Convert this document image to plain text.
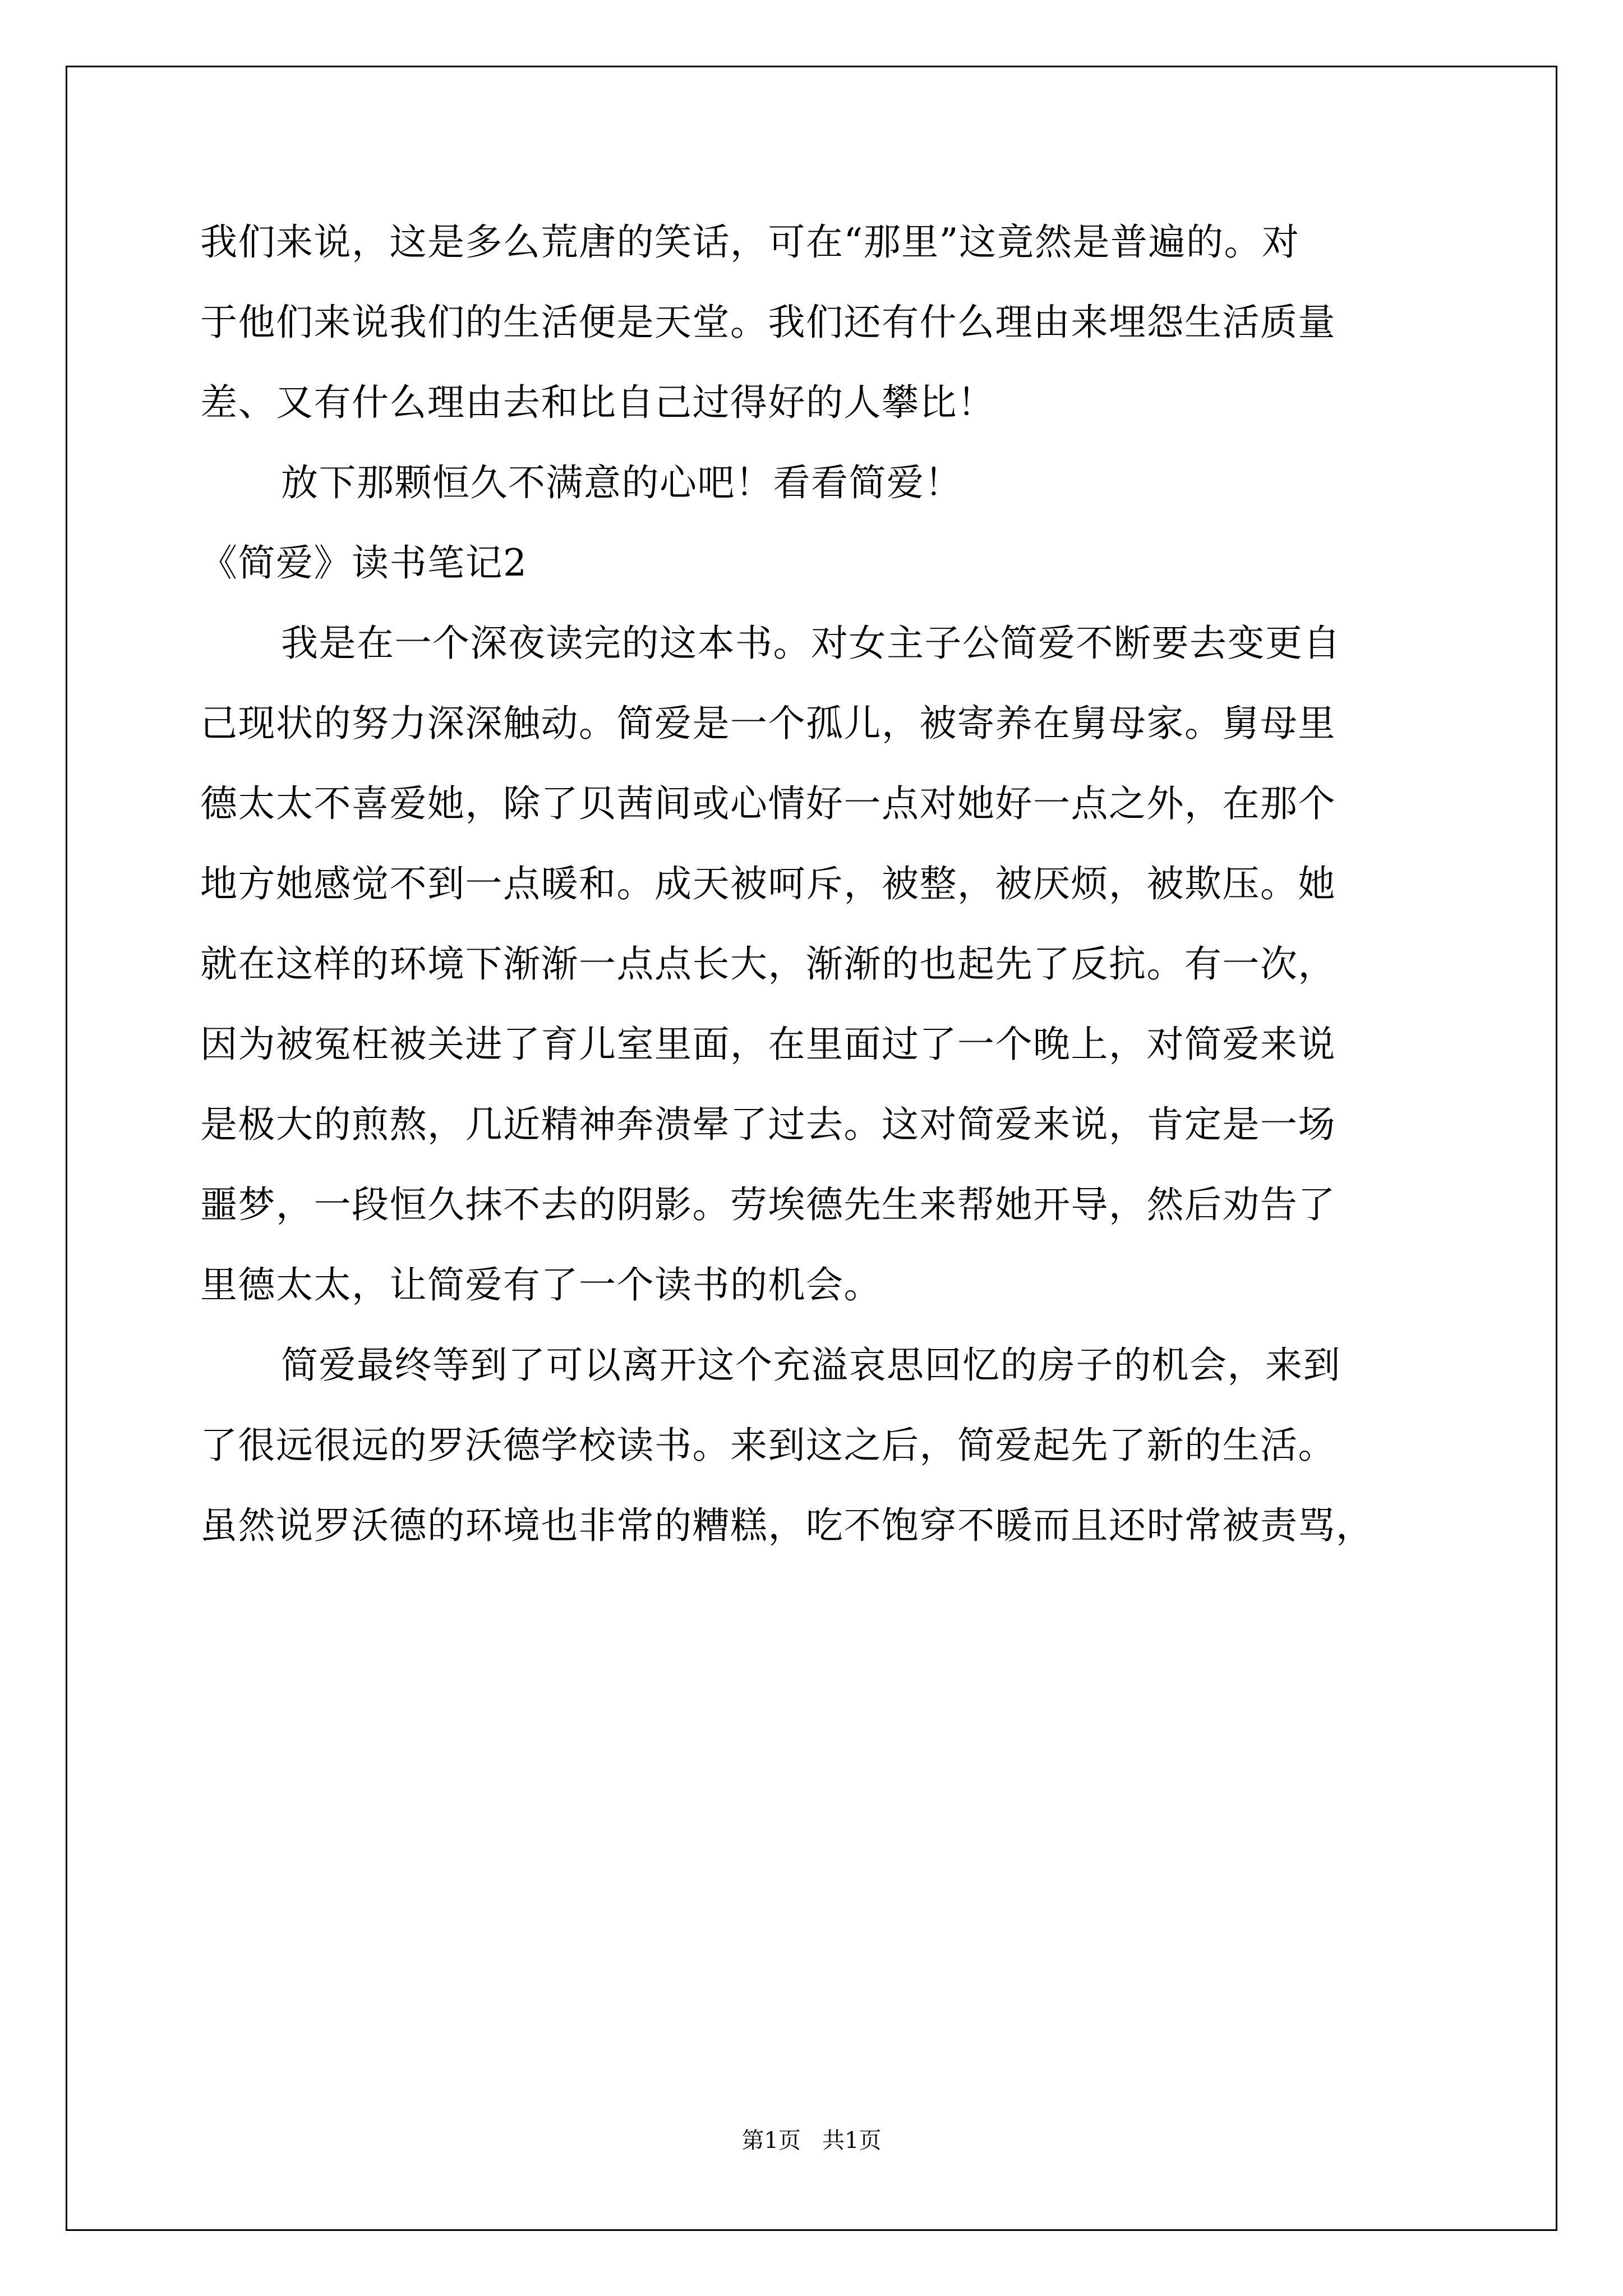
我们来说，这是多么荒唐的笑话，可在“那里”这竟然是普遍的。对
于他们来说我们的生活便是天堂。我们还有什么理由来埋怨生活质量
差、又有什么理由去和比自己过得好的人攀比！
放下那颗恒久不满意的心吧！看看简爱！
《简爱》读书笔记2
我是在一个深夜读完的这本书。对女主子公简爱不断要去变更自
己现状的努力深深触动。简爱是一个孤儿，被寄养在舅母家。舅母里
德太太不喜爱她，除了贝茜间或心情好一点对她好一点之外，在那个
地方她感觉不到一点暖和。成天被呵斥，被整，被厌烦，被欺压。她
就在这样的环境下渐渐一点点长大，渐渐的也起先了反抗。有一次，
因为被冤枉被关进了育儿室里面，在里面过了一个晚上，对简爱来说
是极大的煎熬，几近精神奔溃晕了过去。这对简爱来说，肯定是一场
噩梦，一段恒久抹不去的阴影。劳埃德先生来帮她开导，然后劝告了
里德太太，让简爱有了一个读书的机会。
简爱最终等到了可以离开这个充溢哀思回忆的房子的机会，来到
了很远很远的罗沃德学校读书。来到这之后，简爱起先了新的生活。
虽然说罗沃德的环境也非常的糟糕，吃不饱穿不暖而且还时常被责骂，
第1页   共1页
